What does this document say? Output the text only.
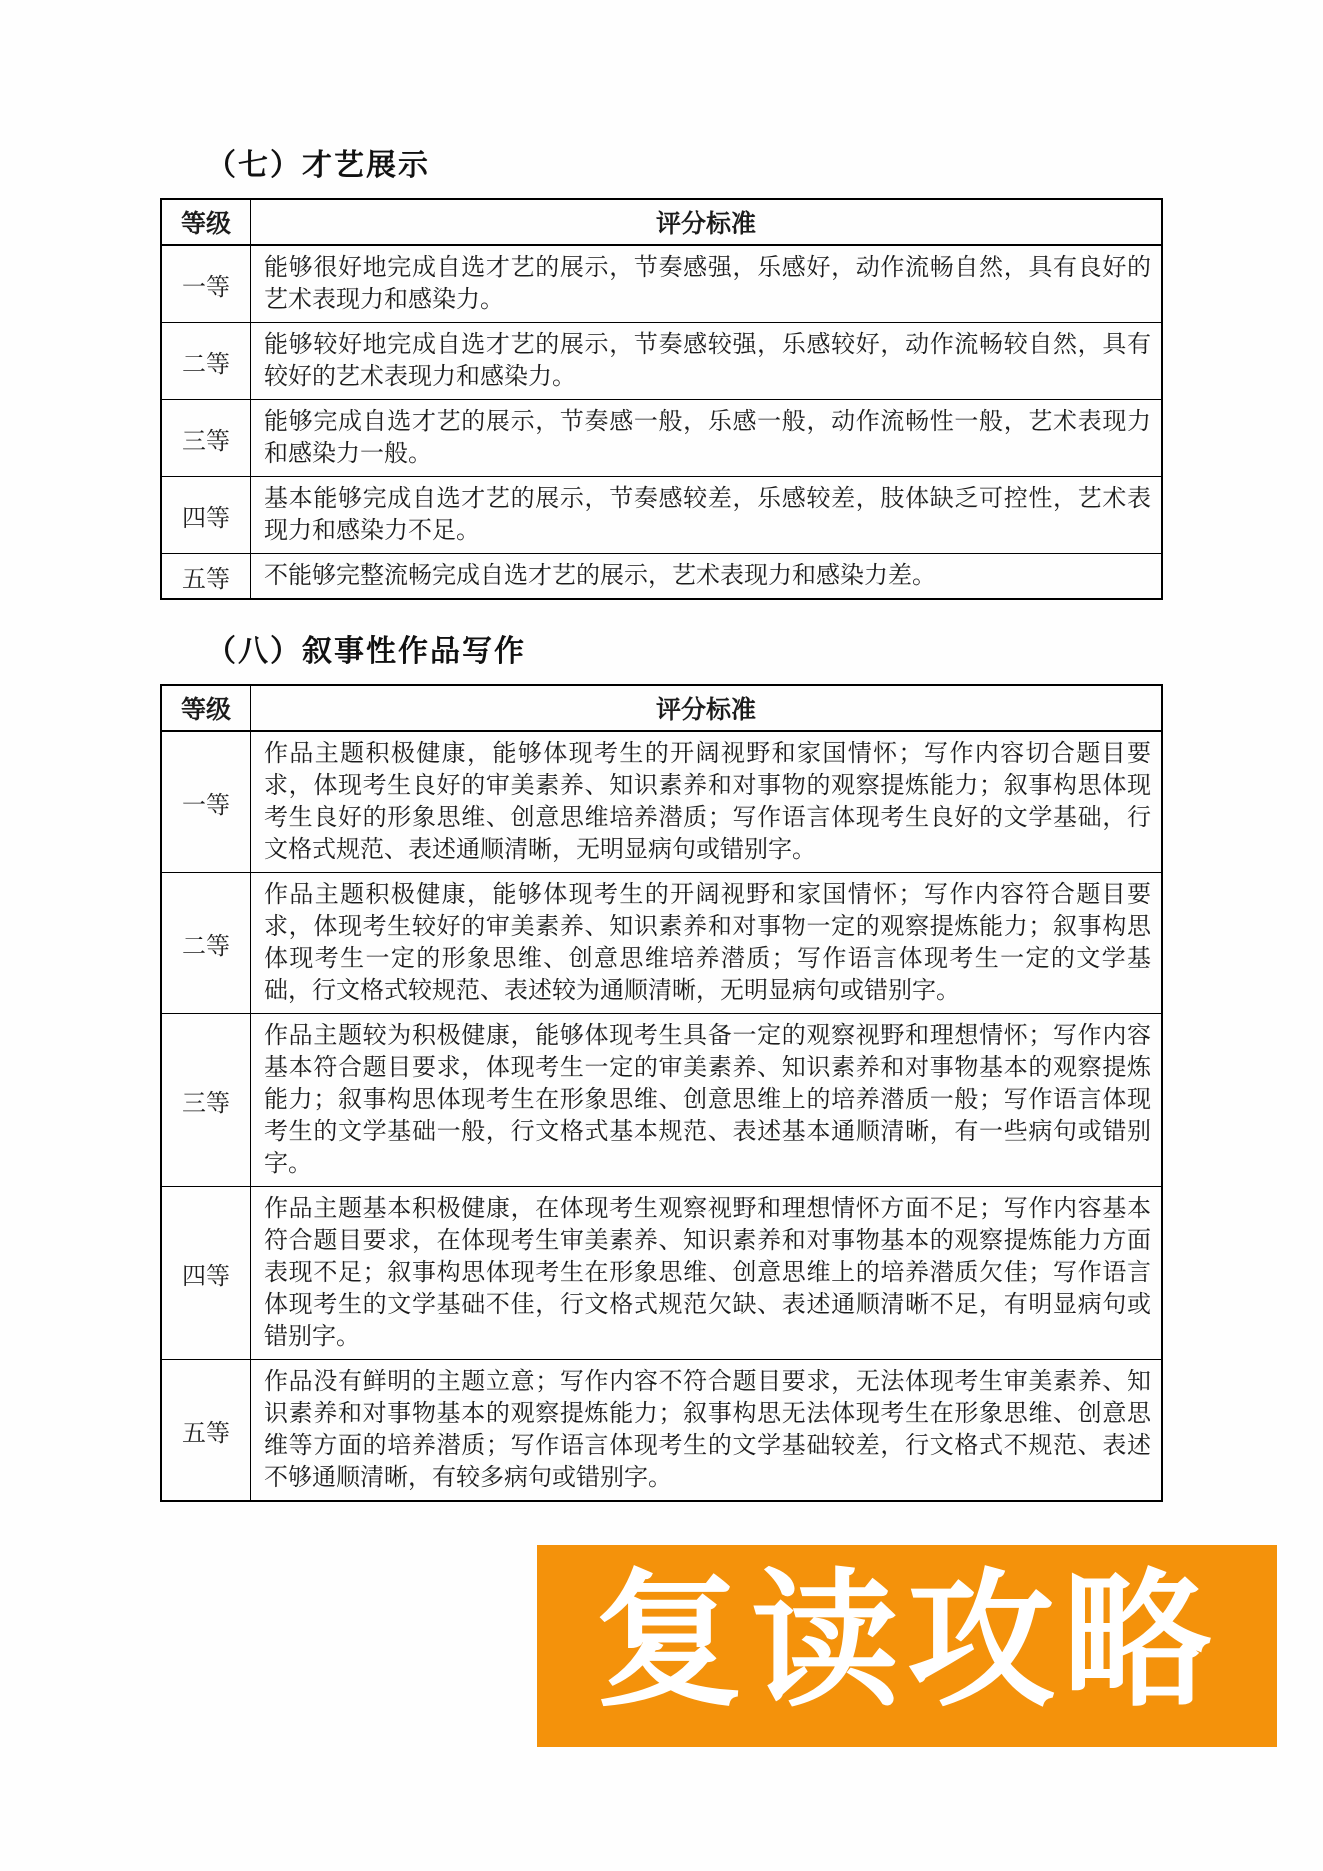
（七）才艺展示
等级	评分标准
一等	能够很好地完成自选才艺的展示，节奏感强，乐感好，动作流畅自然，具有良好的艺术表现力和感染力。
二等	能够较好地完成自选才艺的展示，节奏感较强，乐感较好，动作流畅较自然，具有较好的艺术表现力和感染力。
三等	能够完成自选才艺的展示，节奏感一般，乐感一般，动作流畅性一般，艺术表现力和感染力一般。
四等	基本能够完成自选才艺的展示，节奏感较差，乐感较差，肢体缺乏可控性，艺术表现力和感染力不足。
五等	不能够完整流畅完成自选才艺的展示，艺术表现力和感染力差。
（八）叙事性作品写作
等级	评分标准
一等	作品主题积极健康，能够体现考生的开阔视野和家国情怀；写作内容切合题目要求，体现考生良好的审美素养、知识素养和对事物的观察提炼能力；叙事构思体现考生良好的形象思维、创意思维培养潜质；写作语言体现考生良好的文学基础，行文格式规范、表述通顺清晰，无明显病句或错别字。
二等	作品主题积极健康，能够体现考生的开阔视野和家国情怀；写作内容符合题目要求，体现考生较好的审美素养、知识素养和对事物一定的观察提炼能力；叙事构思体现考生一定的形象思维、创意思维培养潜质；写作语言体现考生一定的文学基础，行文格式较规范、表述较为通顺清晰，无明显病句或错别字。
三等	作品主题较为积极健康，能够体现考生具备一定的观察视野和理想情怀；写作内容基本符合题目要求，体现考生一定的审美素养、知识素养和对事物基本的观察提炼能力；叙事构思体现考生在形象思维、创意思维上的培养潜质一般；写作语言体现考生的文学基础一般，行文格式基本规范、表述基本通顺清晰，有一些病句或错别字。
四等	作品主题基本积极健康，在体现考生观察视野和理想情怀方面不足；写作内容基本符合题目要求，在体现考生审美素养、知识素养和对事物基本的观察提炼能力方面表现不足；叙事构思体现考生在形象思维、创意思维上的培养潜质欠佳；写作语言体现考生的文学基础不佳，行文格式规范欠缺、表述通顺清晰不足，有明显病句或错别字。
五等	作品没有鲜明的主题立意；写作内容不符合题目要求，无法体现考生审美素养、知识素养和对事物基本的观察提炼能力；叙事构思无法体现考生在形象思维、创意思维等方面的培养潜质；写作语言体现考生的文学基础较差，行文格式不规范、表述不够通顺清晰，有较多病句或错别字。
复读攻略
